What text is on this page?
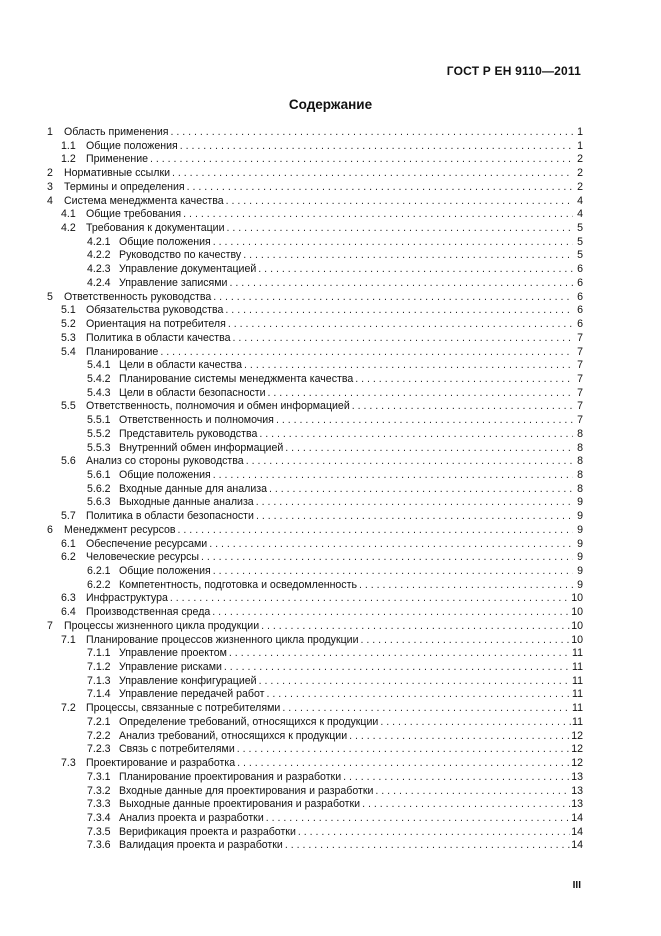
ГОСТ Р ЕН 9110—2011
Содержание
1	Область применения . . .	1
1.1 Общие положения . . .	1
1.2 Применение . . .	2
2	Нормативные ссылки . . .	2
3	Термины и определения . . .	2
4	Система менеджмента качества . . .	4
4.1 Общие требования . . .	4
4.2 Требования к документации . . .	5
4.2.1 Общие положения . . .	5
4.2.2 Руководство по качеству . . .	5
4.2.3 Управление документацией . . .	6
4.2.4 Управление записями . . .	6
5	Ответственность руководства . . .	6
5.1 Обязательства руководства . . .	6
5.2 Ориентация на потребителя . . .	6
5.3 Политика в области качества . . .	7
5.4 Планирование . . .	7
5.4.1 Цели в области качества . . .	7
5.4.2 Планирование системы менеджмента качества . . .	7
5.4.3 Цели в области безопасности . . .	7
5.5 Ответственность, полномочия и обмен информацией . . .	7
5.5.1 Ответственность и полномочия . . .	7
5.5.2 Представитель руководства . . .	8
5.5.3 Внутренний обмен информацией . . .	8
5.6 Анализ со стороны руководства . . .	8
5.6.1 Общие положения . . .	8
5.6.2 Входные данные для анализа . . .	8
5.6.3 Выходные данные анализа . . .	9
5.7 Политика в области безопасности . . .	9
6	Менеджмент ресурсов . . .	9
6.1 Обеспечение ресурсами . . .	9
6.2 Человеческие ресурсы . . .	9
6.2.1 Общие положения . . .	9
6.2.2 Компетентность, подготовка и осведомленность . . .	9
6.3 Инфраструктура . . .	10
6.4 Производственная среда . . .	10
7	Процессы жизненного цикла продукции . . .	10
7.1 Планирование процессов жизненного цикла продукции . . .	10
7.1.1 Управление проектом . . .	11
7.1.2 Управление рисками . . .	11
7.1.3 Управление конфигурацией . . .	11
7.1.4 Управление передачей работ . . .	11
7.2 Процессы, связанные с потребителями . . .	11
7.2.1 Определение требований, относящихся к продукции . . .	11
7.2.2 Анализ требований, относящихся к продукции . . .	12
7.2.3 Связь с потребителями . . .	12
7.3 Проектирование и разработка . . .	12
7.3.1 Планирование проектирования и разработки . . .	13
7.3.2 Входные данные для проектирования и разработки . . .	13
7.3.3 Выходные данные проектирования и разработки . . .	13
7.3.4 Анализ проекта и разработки . . .	14
7.3.5 Верификация проекта и разработки . . .	14
7.3.6 Валидация проекта и разработки . . .	14
III
